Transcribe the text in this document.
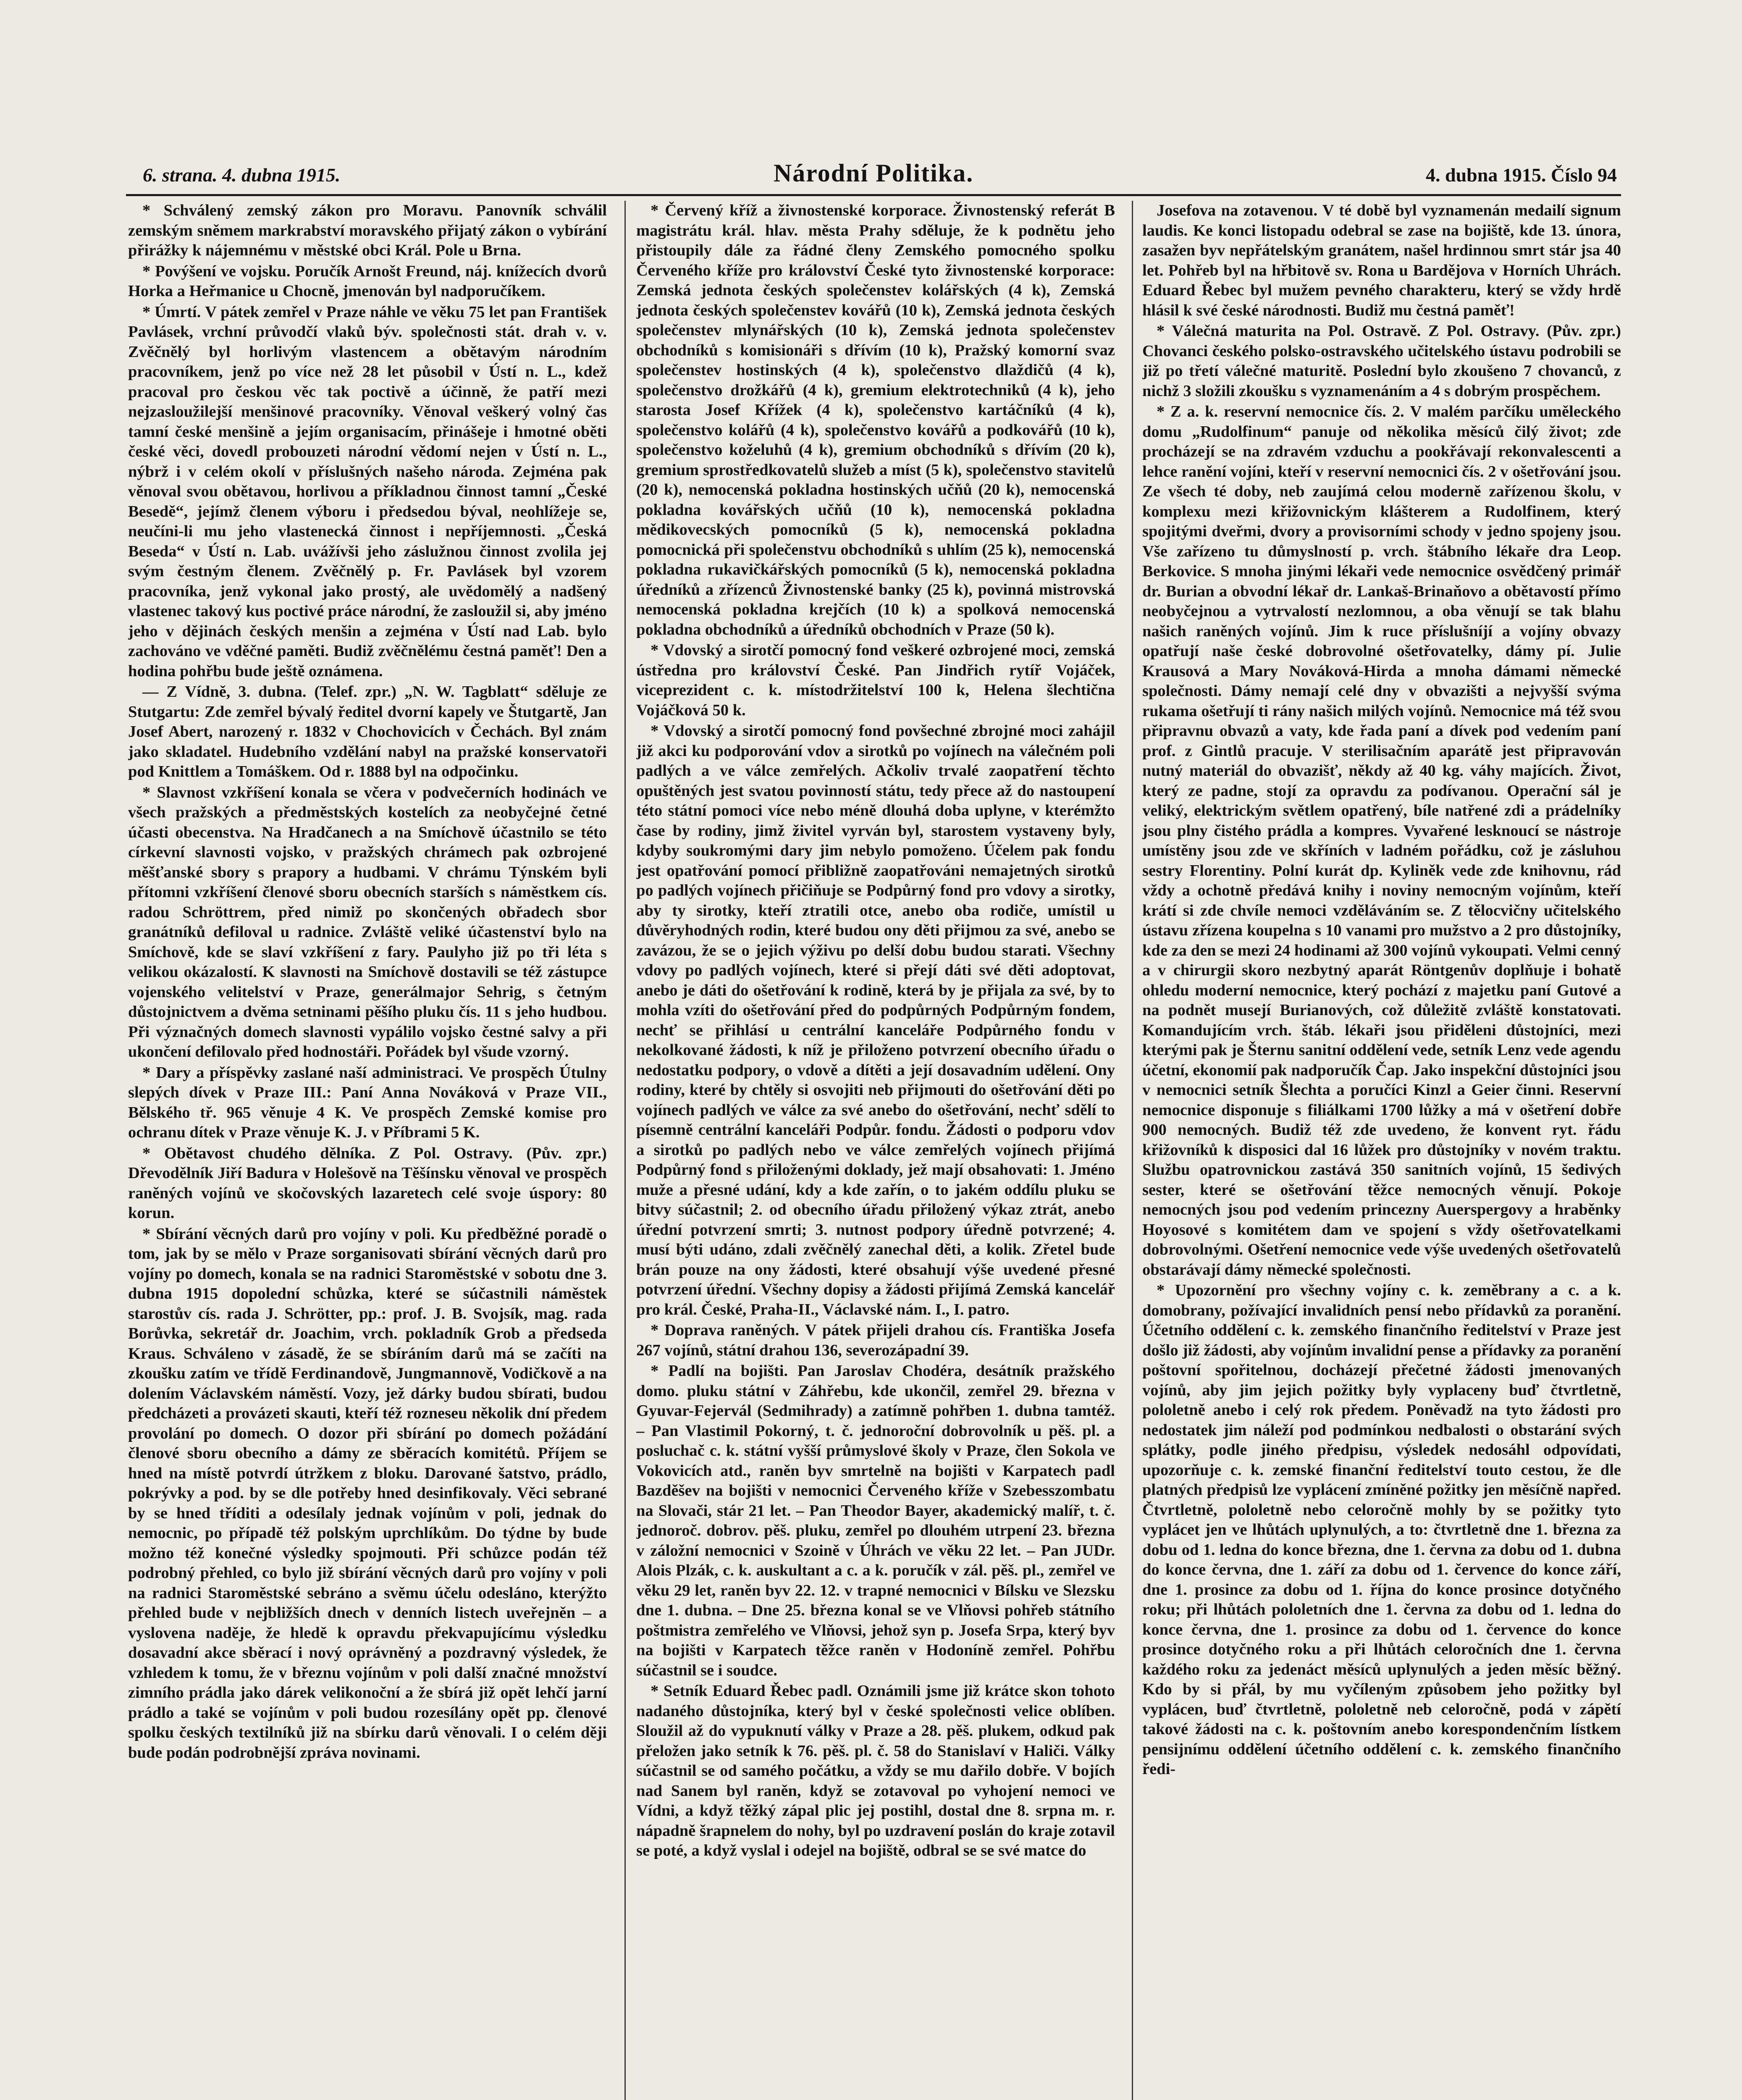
6. strana. 4. dubna 1915.	Národní Politika.	4. dubna 1915. Číslo 94

* Schválený zemský zákon pro Moravu. Panovník schválil zemským sněmem markrabství moravského přijatý zákon o vybírání přirážky k nájemnému v městské obci Král. Pole u Brna.

* Povýšení ve vojsku. Poručík Arnošt Freund, náj. knížecích dvorů Horka a Heřmanice u Chocně, jmenován byl nadporučíkem.

* Úmrtí. V pátek zemřel v Praze náhle ve věku 75 let pan František Pavlásek, vrchní průvodčí vlaků býv. společnosti stát. drah v. v. Zvěčnělý byl horlivým vlastencem a obětavým národním pracovníkem, jenž po více než 28 let působil v Ústí n. L., kdež pracoval pro českou věc tak poctivě a účinně, že patří mezi nejzasloužilejší menšinové pracovníky. Věnoval veškerý volný čas tamní české menšině a jejím organisacím, přinášeje i hmotné oběti české věci, dovedl probouzeti národní vědomí nejen v Ústí n. L., nýbrž i v celém okolí v příslušných našeho národa. Zejména pak věnoval svou obětavou, horlivou a příkladnou činnost tamní „České Besedě“, jejímž členem výboru i předsedou býval, neohlížeje se, neučíni-li mu jeho vlastenecká činnost i nepříjemnosti. „Česká Beseda“ v Ústí n. Lab. uvážívši jeho záslužnou činnost zvolila jej svým čestným členem. Zvěčnělý p. Fr. Pavlásek byl vzorem pracovníka, jenž vykonal jako prostý, ale uvědomělý a nadšený vlastenec takový kus poctivé práce národní, že zasloužil si, aby jméno jeho v dějinách českých menšin a zejména v Ústí nad Lab. bylo zachováno ve vděčné paměti. Budiž zvěčnělému čestná paměť! Den a hodina pohřbu bude ještě oznámena.

— Z Vídně, 3. dubna. (Telef. zpr.) „N. W. Tagblatt“ sděluje ze Stutgartu: Zde zemřel bývalý ředitel dvorní kapely ve Štutgartě, Jan Josef Abert, narozený r. 1832 v Chochovicích v Čechách. Byl znám jako skladatel. Hudebního vzdělání nabyl na pražské konservatoři pod Knittlem a Tomáškem. Od r. 1888 byl na odpočinku.

* Slavnost vzkříšení konala se včera v podvečerních hodinách ve všech pražských a předměstských kostelích za neobyčejné četné účasti obecenstva. Na Hradčanech a na Smíchově účastnilo se této církevní slavnosti vojsko, v pražských chrámech pak ozbrojené měšťanské sbory s prapory a hudbami. V chrámu Týnském byli přítomni vzkříšení členové sboru obecních starších s náměstkem cís. radou Schröttrem, před nimiž po skončených obřadech sbor granátníků defiloval u radnice. Zvláště veliké účastenství bylo na Smíchově, kde se slaví vzkříšení z fary. Paulyho již po tři léta s velikou okázalostí. K slavnosti na Smíchově dostavili se též zástupce vojenského velitelství v Praze, generálmajor Sehrig, s četným důstojnictvem a dvěma setninami pěšího pluku čís. 11 s jeho hudbou. Při význačných domech slavnosti vypálilo vojsko čestné salvy a při ukončení defilovalo před hodnostáři. Pořádek byl všude vzorný.

* Dary a příspěvky zaslané naší administraci. Ve prospěch Útulny slepých dívek v Praze III.: Paní Anna Nováková v Praze VII., Bělského tř. 965 věnuje 4 K. Ve prospěch Zemské komise pro ochranu dítek v Praze věnuje K. J. v Příbrami 5 K.

* Obětavost chudého dělníka. Z Pol. Ostravy. (Pův. zpr.) Dřevodělník Jiří Badura v Holešově na Těšínsku věnoval ve prospěch raněných vojínů ve skočovských lazaretech celé svoje úspory: 80 korun.

* Sbírání věcných darů pro vojíny v poli. Ku předběžné poradě o tom, jak by se mělo v Praze sorganisovati sbírání věcných darů pro vojíny po domech, konala se na radnici Staroměstské v sobotu dne 3. dubna 1915 dopolední schůzka, které se súčastnili náměstek starostův cís. rada J. Schrötter, pp.: prof. J. B. Svojsík, mag. rada Borůvka, sekretář dr. Joachim, vrch. pokladník Grob a předseda Kraus. Schváleno v zásadě, že se sbíráním darů má se začíti na zkoušku zatím ve třídě Ferdinandově, Jungmannově, Vodičkově a na dolením Václavském náměstí. Vozy, jež dárky budou sbírati, budou předcházeti a provázeti skauti, kteří též rozneseu několik dní předem provolání po domech. O dozor při sbírání po domech požádání členové sboru obecního a dámy ze sběracích komitétů. Příjem se hned na místě potvrdí útržkem z bloku. Darované šatstvo, prádlo, pokrývky a pod. by se dle potřeby hned desinfikovaly. Věci sebrané by se hned tříditi a odesílaly jednak vojínům v poli, jednak do nemocnic, po případě též polským uprchlíkům. Do týdne by bude možno též konečné výsledky spojmouti. Při schůzce podán též podrobný přehled, co bylo již sbírání věcných darů pro vojíny v poli na radnici Staroměstské sebráno a svěmu účelu odesláno, kterýžto přehled bude v nejbližších dnech v denních listech uveřejněn – a vyslovena naděje, že hledě k opravdu překvapujícímu výsledku dosavadní akce sběrací i nový oprávněný a pozdravný výsledek, že vzhledem k tomu, že v březnu vojínům v poli další značné množství zimního prádla jako dárek velikonoční a že sbírá již opět lehčí jarní prádlo a také se vojínům v poli budou rozesílány opět pp. členové spolku českých textilníků již na sbírku darů věnovali. I o celém ději bude podán podrobnější zpráva novinami.

* Červený kříž a živnostenské korporace. Živnostenský referát B magistrátu král. hlav. města Prahy sděluje, že k podnětu jeho přistoupily dále za řádné členy Zemského pomocného spolku Červeného kříže pro království České tyto živnostenské korporace: Zemská jednota českých společenstev kolářských (4 k), Zemská jednota českých společenstev kovářů (10 k), Zemská jednota českých společenstev mlynářských (10 k), Zemská jednota společenstev obchodníků s komisionáři s dřívím (10 k), Pražský komorní svaz společenstev hostinských (4 k), společenstvo dlaždičů (4 k), společenstvo drožkářů (4 k), gremium elektrotechniků (4 k), jeho starosta Josef Křížek (4 k), společenstvo kartáčníků (4 k), společenstvo kolářů (4 k), společenstvo kovářů a podkovářů (10 k), společenstvo koželuhů (4 k), gremium obchodníků s dřívím (20 k), gremium sprostředkovatelů služeb a míst (5 k), společenstvo stavitelů (20 k), nemocenská pokladna hostinských učňů (20 k), nemocenská pokladna kovářských učňů (10 k), nemocenská pokladna mědikovecských pomocníků (5 k), nemocenská pokladna pomocnická při společenstvu obchodníků s uhlím (25 k), nemocenská pokladna rukavičkářských pomocníků (5 k), nemocenská pokladna úředníků a zřízenců Živnostenské banky (25 k), povinná mistrovská nemocenská pokladna krejčích (10 k) a spolková nemocenská pokladna obchodníků a úředníků obchodních v Praze (50 k).

* Vdovský a sirotčí pomocný fond veškeré ozbrojené moci, zemská ústředna pro království České. Pan Jindřich rytíř Vojáček, viceprezident c. k. místodržitelství 100 k, Helena šlechtična Vojáčková 50 k.

* Vdovský a sirotčí pomocný fond povšechné zbrojné moci zahájil již akci ku podporování vdov a sirotků po vojínech na válečném poli padlých a ve válce zemřelých. Ačkoliv trvalé zaopatření těchto opuštěných jest svatou povinností státu, tedy přece až do nastoupení této státní pomoci více nebo méně dlouhá doba uplyne, v kterémžto čase by rodiny, jimž živitel vyrván byl, starostem vystaveny byly, kdyby soukromými dary jim nebylo pomoženo. Účelem pak fondu jest opatřování pomocí přibližně zaopatřováni nemajetných sirotků po padlých vojínech přičiňuje se Podpůrný fond pro vdovy a sirotky, aby ty sirotky, kteří ztratili otce, anebo oba rodiče, umístil u důvěryhodných rodin, které budou ony děti přijmou za své, anebo se zavázou, že se o jejich výživu po delší dobu budou starati. Všechny vdovy po padlých vojínech, které si přejí dáti své děti adoptovat, anebo je dáti do ošetřování k rodině, která by je přijala za své, by to mohla vzíti do ošetřování před do podpůrných Podpůrným fondem, nechť se přihlásí u centrální kanceláře Podpůrného fondu v nekolkované žádosti, k níž je přiloženo potvrzení obecního úřadu o nedostatku podpory, o vdově a dítěti a její dosavadním udělení. Ony rodiny, které by chtěly si osvojiti neb přijmouti do ošetřování děti po vojínech padlých ve válce za své anebo do ošetřování, nechť sdělí to písemně centrální kanceláři Podpůr. fondu. Žádosti o podporu vdov a sirotků po padlých nebo ve válce zemřelých vojínech přijímá Podpůrný fond s přiloženými doklady, jež mají obsahovati: 1. Jméno muže a přesné udání, kdy a kde zařín, o to jakém oddílu pluku se bitvy súčastnil; 2. od obecního úřadu přiložený výkaz ztrát, anebo úřední potvrzení smrti; 3. nutnost podpory úředně potvrzené; 4. musí býti udáno, zdali zvěčnělý zanechal děti, a kolik. Zřetel bude brán pouze na ony žádosti, které obsahují výše uvedené přesné potvrzení úřední. Všechny dopisy a žádosti přijímá Zemská kancelář pro král. České, Praha-II., Václavské nám. I., I. patro.

* Doprava raněných. V pátek přijeli drahou cís. Františka Josefa 267 vojínů, státní drahou 136, severozápadní 39.

* Padlí na bojišti. Pan Jaroslav Chodéra, desátník pražského domo. pluku státní v Záhřebu, kde ukončil, zemřel 29. března v Gyuvar-Fejervál (Sedmihrady) a zatímně pohřben 1. dubna tamtéž. – Pan Vlastimil Pokorný, t. č. jednoroční dobrovolník u pěš. pl. a posluchač c. k. státní vyšší průmyslové školy v Praze, člen Sokola ve Vokovicích atd., raněn byv smrtelně na bojišti v Karpatech padl Bazděšev na bojišti v nemocnici Červeného kříže v Szebesszombatu na Slovači, stár 21 let. – Pan Theodor Bayer, akademický malíř, t. č. jednoroč. dobrov. pěš. pluku, zemřel po dlouhém utrpení 23. března v záložní nemocnici v Szoině v Úhrách ve věku 22 let. – Pan JUDr. Alois Plzák, c. k. auskultant a c. a k. poručík v zál. pěš. pl., zemřel ve věku 29 let, raněn byv 22. 12. v trapné nemocnici v Bílsku ve Slezsku dne 1. dubna. – Dne 25. března konal se ve Vlňovsi pohřeb státního poštmistra zemřelého ve Vlňovsi, jehož syn p. Josefa Srpa, který byv na bojišti v Karpatech těžce raněn v Hodoníně zemřel. Pohřbu súčastnil se i soudce.

* Setník Eduard Řebec padl. Oznámili jsme již krátce skon tohoto nadaného důstojníka, který byl v české společnosti velice oblíben. Sloužil až do vypuknutí války v Praze a 28. pěš. plukem, odkud pak přeložen jako setník k 76. pěš. pl. č. 58 do Stanislaví v Haliči. Války súčastnil se od samého počátku, a vždy se mu dařilo dobře. V bojích nad Sanem byl raněn, když se zotavoval po vyhojení nemoci ve Vídni, a když těžký zápal plic jej postihl, dostal dne 8. srpna m. r. nápadně šrapnelem do nohy, byl po uzdravení poslán do kraje zotavil se poté, a když vyslal i odejel na bojiště, odbral se se své matce do

Josefova na zotavenou. V té době byl vyznamenán medailí signum laudis. Ke konci listopadu odebral se zase na bojiště, kde 13. února, zasažen byv nepřátelským granátem, našel hrdinnou smrt stár jsa 40 let. Pohřeb byl na hřbitově sv. Rona u Bardějova v Horních Uhrách. Eduard Řebec byl mužem pevného charakteru, který se vždy hrdě hlásil k své české národnosti. Budiž mu čestná paměť!

* Válečná maturita na Pol. Ostravě. Z Pol. Ostravy. (Pův. zpr.) Chovanci českého polsko-ostravského učitelského ústavu podrobili se již po třetí válečné maturitě. Poslední bylo zkoušeno 7 chovanců, z nichž 3 složili zkoušku s vyznamenáním a 4 s dobrým prospěchem.

* Z a. k. reservní nemocnice čís. 2. V malém parčíku uměleckého domu „Rudolfinum“ panuje od několika měsíců čilý život; zde procházejí se na zdravém vzduchu a pookřávají rekonvalescenti a lehce ranění vojíni, kteří v reservní nemocnici čís. 2 v ošetřování jsou. Ze všech té doby, neb zaujímá celou moderně zařízenou školu, v komplexu mezi křižovnickým klášterem a Rudolfinem, který spojitými dveřmi, dvory a provisorními schody v jedno spojeny jsou. Vše zařízeno tu důmyslností p. vrch. štábního lékaře dra Leop. Berkovice. S mnoha jinými lékaři vede nemocnice osvědčený primář dr. Burian a obvodní lékař dr. Lankaš-Brinaňovo a obětavostí přímo neobyčejnou a vytrvalostí nezlomnou, a oba věnují se tak blahu našich raněných vojínů. Jim k ruce příslušníjí a vojíny obvazy opatřují naše české dobrovolné ošetřovatelky, dámy pí. Julie Krausová a Mary Nováková-Hirda a mnoha dámami německé společnosti. Dámy nemají celé dny v obvazišti a nejvyšší svýma rukama ošetřují ti rány našich milých vojínů. Nemocnice má též svou připravnu obvazů a vaty, kde řada paní a dívek pod vedením paní prof. z Gintlů pracuje. V sterilisačním aparátě jest připravován nutný materiál do obvazišť, někdy až 40 kg. váhy majících. Život, který ze padne, stojí za opravdu za podívanou. Operační sál je veliký, elektrickým světlem opatřený, bíle natřené zdi a prádelníky jsou plny čistého prádla a kompres. Vyvařené lesknoucí se nástroje umístěny jsou zde ve skříních v ladném pořádku, což je zásluhou sestry Florentiny. Polní kurát dp. Kyliněk vede zde knihovnu, rád vždy a ochotně předává knihy i noviny nemocným vojínům, kteří krátí si zde chvíle nemoci vzděláváním se. Z tělocvičny učitelského ústavu zřízena koupelna s 10 vanami pro mužstvo a 2 pro důstojníky, kde za den se mezi 24 hodinami až 300 vojínů vykoupati. Velmi cenný a v chirurgii skoro nezbytný aparát Röntgenův doplňuje i bohatě ohledu moderní nemocnice, který pochází z majetku paní Gutové a na podnět musejí Burianových, což důležitě zvláště konstatovati. Komandujícím vrch. štáb. lékaři jsou přiděleni důstojníci, mezi kterými pak je Šternu sanitní oddělení vede, setník Lenz vede agendu účetní, ekonomií pak nadporučík Čap. Jako inspekční důstojníci jsou v nemocnici setník Šlechta a poručíci Kinzl a Geier činni. Reservní nemocnice disponuje s filiálkami 1700 lůžky a má v ošetření dobře 900 nemocných. Budiž též zde uvedeno, že konvent ryt. řádu křižovníků k disposici dal 16 lůžek pro důstojníky v novém traktu. Službu opatrovnickou zastává 350 sanitních vojínů, 15 šedivých sester, které se ošetřování těžce nemocných věnují. Pokoje nemocných jsou pod vedením princezny Auerspergovy a hraběnky Hoyosové s komitétem dam ve spojení s vždy ošetřovatelkami dobrovolnými. Ošetření nemocnice vede výše uvedených ošetřovatelů obstarávají dámy německé společnosti.

* Upozornění pro všechny vojíny c. k. zeměbrany a c. a k. domobrany, požívající invalidních pensí nebo přídavků za poranění. Účetního oddělení c. k. zemského finančního ředitelství v Praze jest došlo již žádosti, aby vojínům invalidní pense a přídavky za poranění poštovní spořitelnou, docházejí přečetné žádosti jmenovaných vojínů, aby jim jejich požitky byly vyplaceny buď čtvrtletně, pololetně anebo i celý rok předem. Poněvadž na tyto žádosti pro nedostatek jim náleží pod podmínkou nedbalosti o obstarání svých splátky, podle jiného předpisu, výsledek nedosáhl odpovídati, upozorňuje c. k. zemské finanční ředitelství touto cestou, že dle platných předpisů lze vyplácení zmíněné požitky jen měsíčně napřed. Čtvrtletně, pololetně nebo celoročně mohly by se požitky tyto vyplácet jen ve lhůtách uplynulých, a to: čtvrtletně dne 1. března za dobu od 1. ledna do konce března, dne 1. června za dobu od 1. dubna do konce června, dne 1. září za dobu od 1. července do konce září, dne 1. prosince za dobu od 1. října do konce prosince dotyčného roku; při lhůtách pololetních dne 1. června za dobu od 1. ledna do konce června, dne 1. prosince za dobu od 1. července do konce prosince dotyčného roku a při lhůtách celoročních dne 1. června každého roku za jedenáct měsíců uplynulých a jeden měsíc běžný. Kdo by si přál, by mu vyčíleným způsobem jeho požitky byl vyplácen, buď čtvrtletně, pololetně neb celoročně, podá v zápětí takové žádosti na c. k. poštovním anebo korespondenčním lístkem pensijnímu oddělení účetního oddělení c. k. zemského finančního ředi-
